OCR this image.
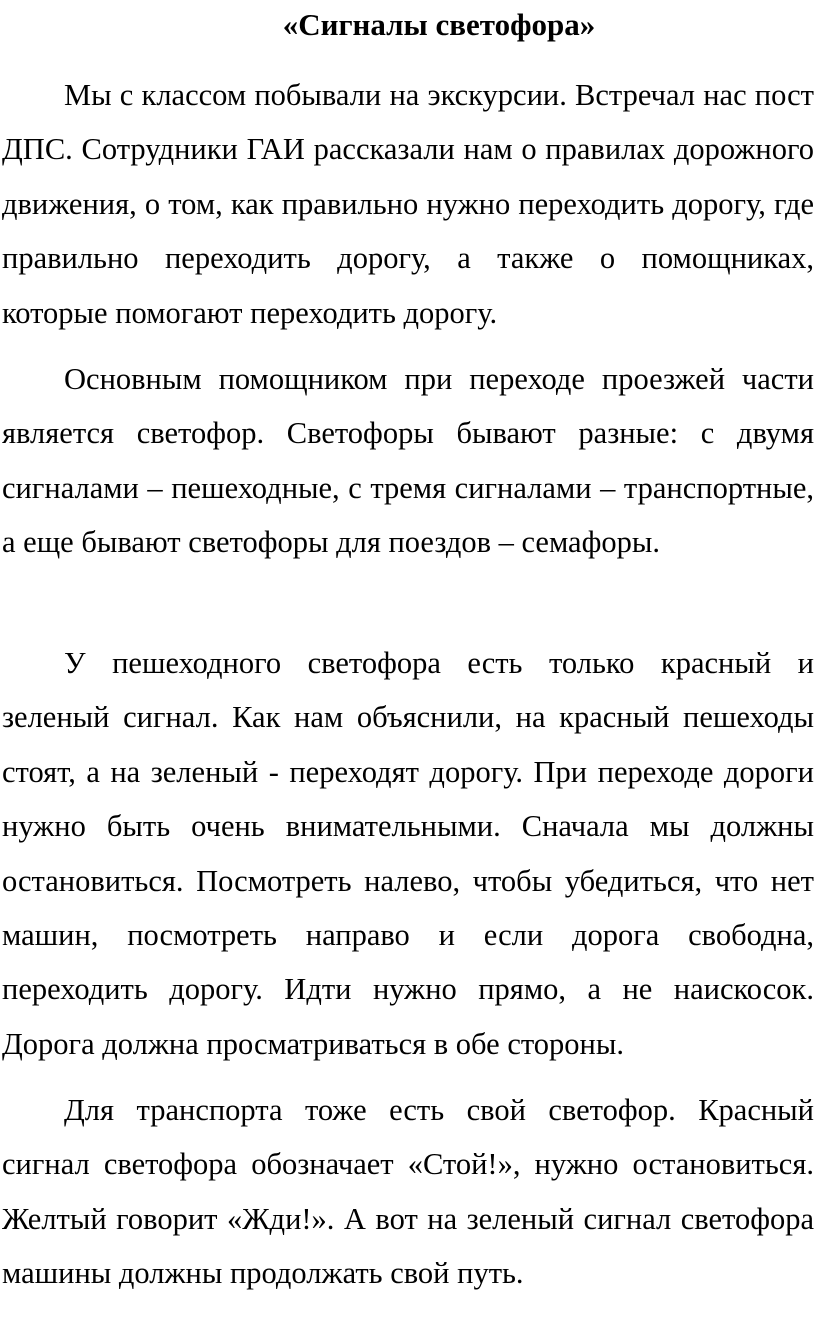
«Сигналы светофора»

Мы с классом побывали на экскурсии. Встречал нас пост ДПС. Сотрудники ГАИ рассказали нам о правилах дорожного движения, о том, как правильно нужно переходить дорогу, где правильно переходить дорогу, а также о помощниках, которые помогают переходить дорогу.

Основным помощником при переходе проезжей части является светофор. Светофоры бывают разные: с двумя сигналами – пешеходные, с тремя сигналами – транспортные, а еще бывают светофоры для поездов – семафоры.

У пешеходного светофора есть только красный и зеленый сигнал. Как нам объяснили, на красный пешеходы стоят, а на зеленый - переходят дорогу. При переходе дороги нужно быть очень внимательными. Сначала мы должны остановиться. Посмотреть налево, чтобы убедиться, что нет машин, посмотреть направо и если дорога свободна, переходить дорогу. Идти нужно прямо, а не наискосок. Дорога должна просматриваться в обе стороны.

Для транспорта тоже есть свой светофор. Красный сигнал светофора обозначает «Стой!», нужно остановиться. Желтый говорит «Жди!». А вот на зеленый сигнал светофора машины должны продолжать свой путь.
